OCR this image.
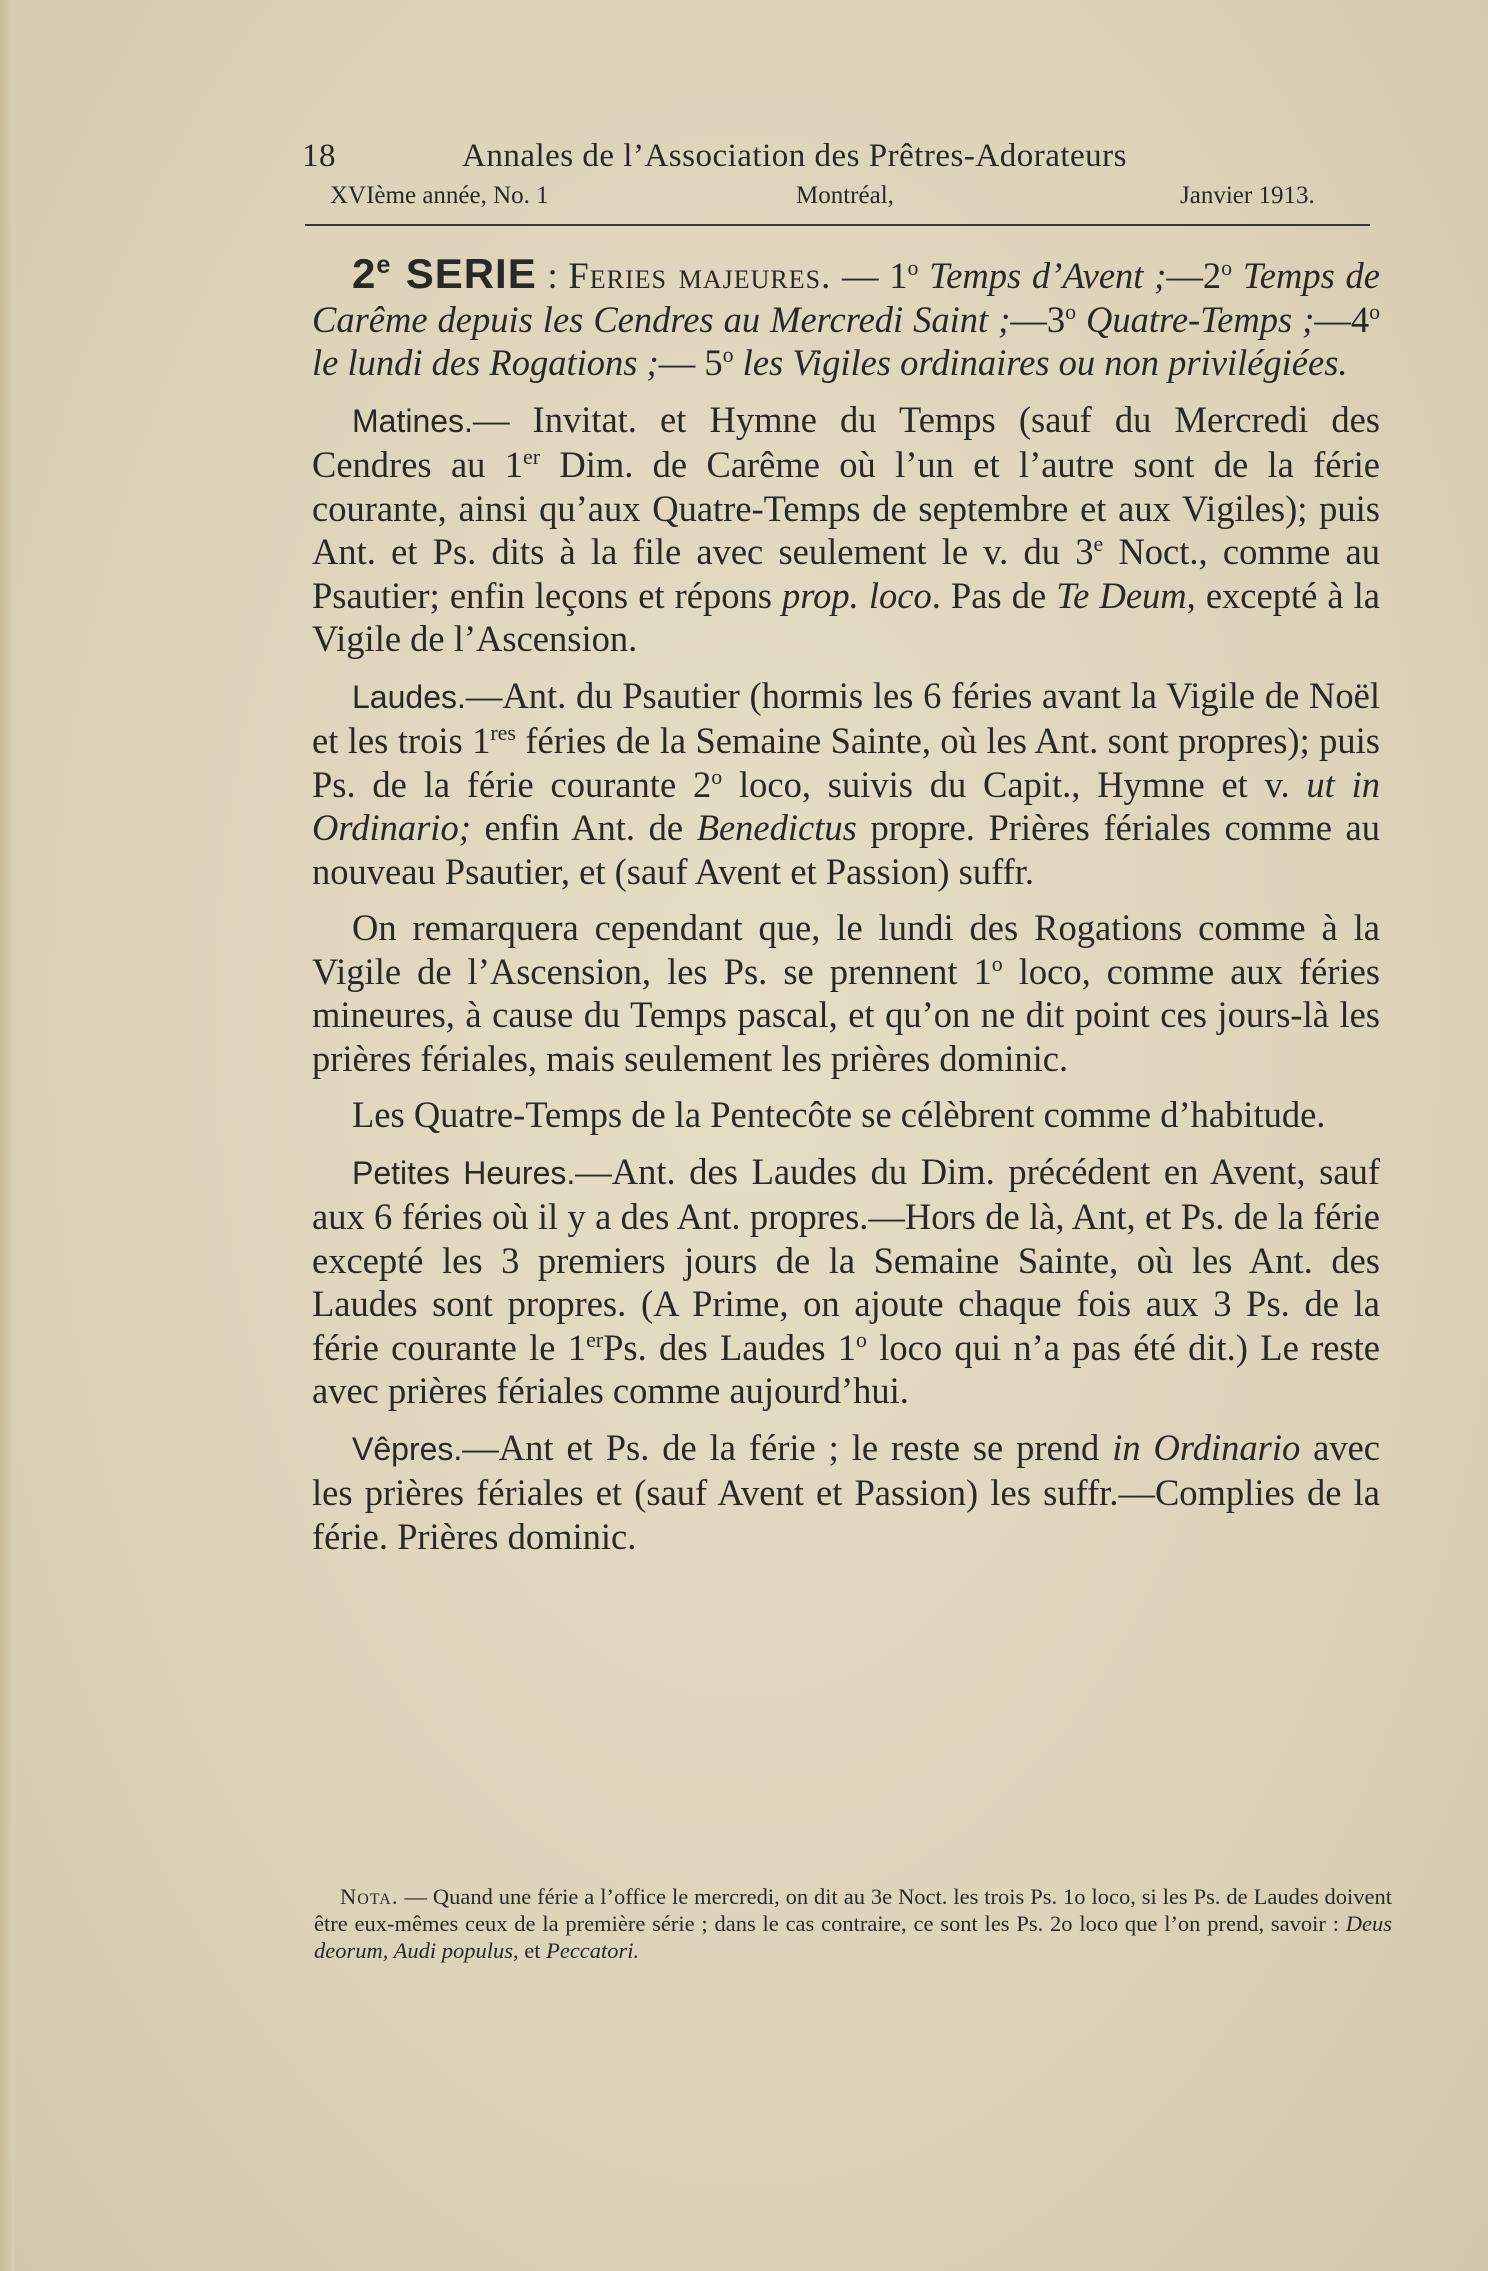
18	Annales de l’Association des Prêtres-Adorateurs
XVIème année, No. 1	Montréal,	Janvier 1913.

2e SERIE : Feries majeures. — 1$^o$ Temps d’Avent ;—2$^o$ Temps de Carême depuis les Cendres au Mercredi Saint ;—3$^o$ Quatre-Temps ;—4$^o$ le lundi des Rogations ;— 5$^o$ les Vigiles ordinaires ou non privilégiées.

Matines.— Invitat. et Hymne du Temps (sauf du Mercredi des Cendres au 1er Dim. de Carême où l’un et l’autre sont de la férie courante, ainsi qu’aux Quatre-Temps de septembre et aux Vigiles); puis Ant. et Ps. dits à la file avec seulement le v. du 3e Noct., comme au Psautier; enfin leçons et répons prop. loco. Pas de Te Deum, excepté à la Vigile de l’Ascension.

Laudes.—Ant. du Psautier (hormis les 6 féries avant la Vigile de Noël et les trois 1res féries de la Semaine Sainte, où les Ant. sont propres); puis Ps. de la férie courante 2$^o$ loco, suivis du Capit., Hymne et v. ut in Ordinario; enfin Ant. de Benedictus propre. Prières fériales comme au nouveau Psautier, et (sauf Avent et Passion) suffr.

On remarquera cependant que, le lundi des Rogations comme à la Vigile de l’Ascension, les Ps. se prennent 1$^o$ loco, comme aux féries mineures, à cause du Temps pascal, et qu’on ne dit point ces jours-là les prières fériales, mais seulement les prières dominic.

Les Quatre-Temps de la Pentecôte se célèbrent comme d’habitude.

Petites Heures.—Ant. des Laudes du Dim. précédent en Avent, sauf aux 6 féries où il y a des Ant. propres.—Hors de là, Ant, et Ps. de la férie excepté les 3 premiers jours de la Semaine Sainte, où les Ant. des Laudes sont propres. (A Prime, on ajoute chaque fois aux 3 Ps. de la férie courante le 1erPs. des Laudes 1$^o$ loco qui n’a pas été dit.) Le reste avec prières fériales comme aujourd’hui.

Vêpres.—Ant et Ps. de la férie ; le reste se prend in Ordinario avec les prières fériales et (sauf Avent et Passion) les suffr.—Complies de la férie. Prières dominic.

Nota. — Quand une férie a l’office le mercredi, on dit au 3e Noct. les trois Ps. 1o loco, si les Ps. de Laudes doivent être eux-mêmes ceux de la première série ; dans le cas contraire, ce sont les Ps. 2o loco que l’on prend, savoir : Deus deorum, Audi populus, et Peccatori.
